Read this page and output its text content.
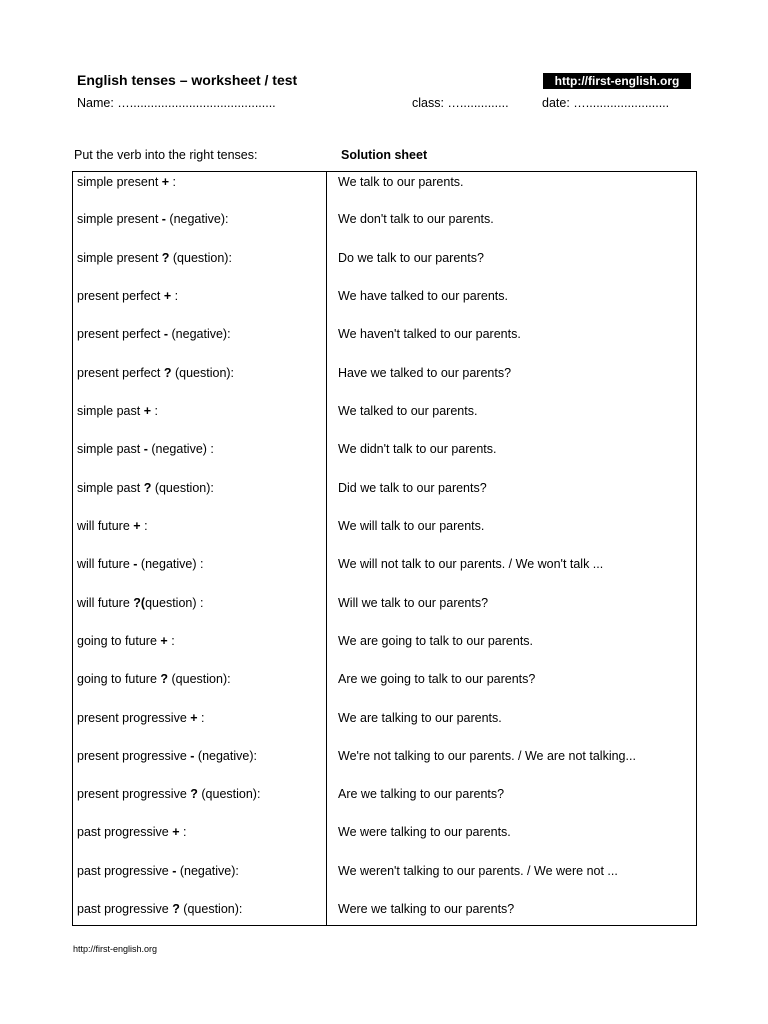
English tenses – worksheet / test	http://first-english.org
Name: …..........................................	class: …..............	date: …........................
Put the verb into the right tenses:	Solution sheet
simple present + :	We talk to our parents.
simple present - (negative):	We don't talk to our parents.
simple present ? (question):	Do we talk to our parents?
present perfect + :	We have talked to our parents.
present perfect - (negative):	We haven't talked to our parents.
present perfect ? (question):	Have we talked to our parents?
simple past + :	We talked to our parents.
simple past - (negative) :	We didn't talk to our parents.
simple past ? (question):	Did we talk to our parents?
will future + :	We will talk to our parents.
will future - (negative) :	We will not talk to our parents. / We won't talk ...
will future ?(question) :	Will we talk to our parents?
going to future + :	We are going to talk to our parents.
going to future ? (question):	Are we going to talk to our parents?
present progressive + :	We are talking to our parents.
present progressive - (negative):	We're not talking to our parents. / We are not talking...
present progressive ? (question):	Are we talking to our parents?
past progressive + :	We were talking to our parents.
past progressive - (negative):	We weren't talking to our parents. / We were not ...
past progressive ? (question):	Were we talking to our parents?
http://first-english.org
